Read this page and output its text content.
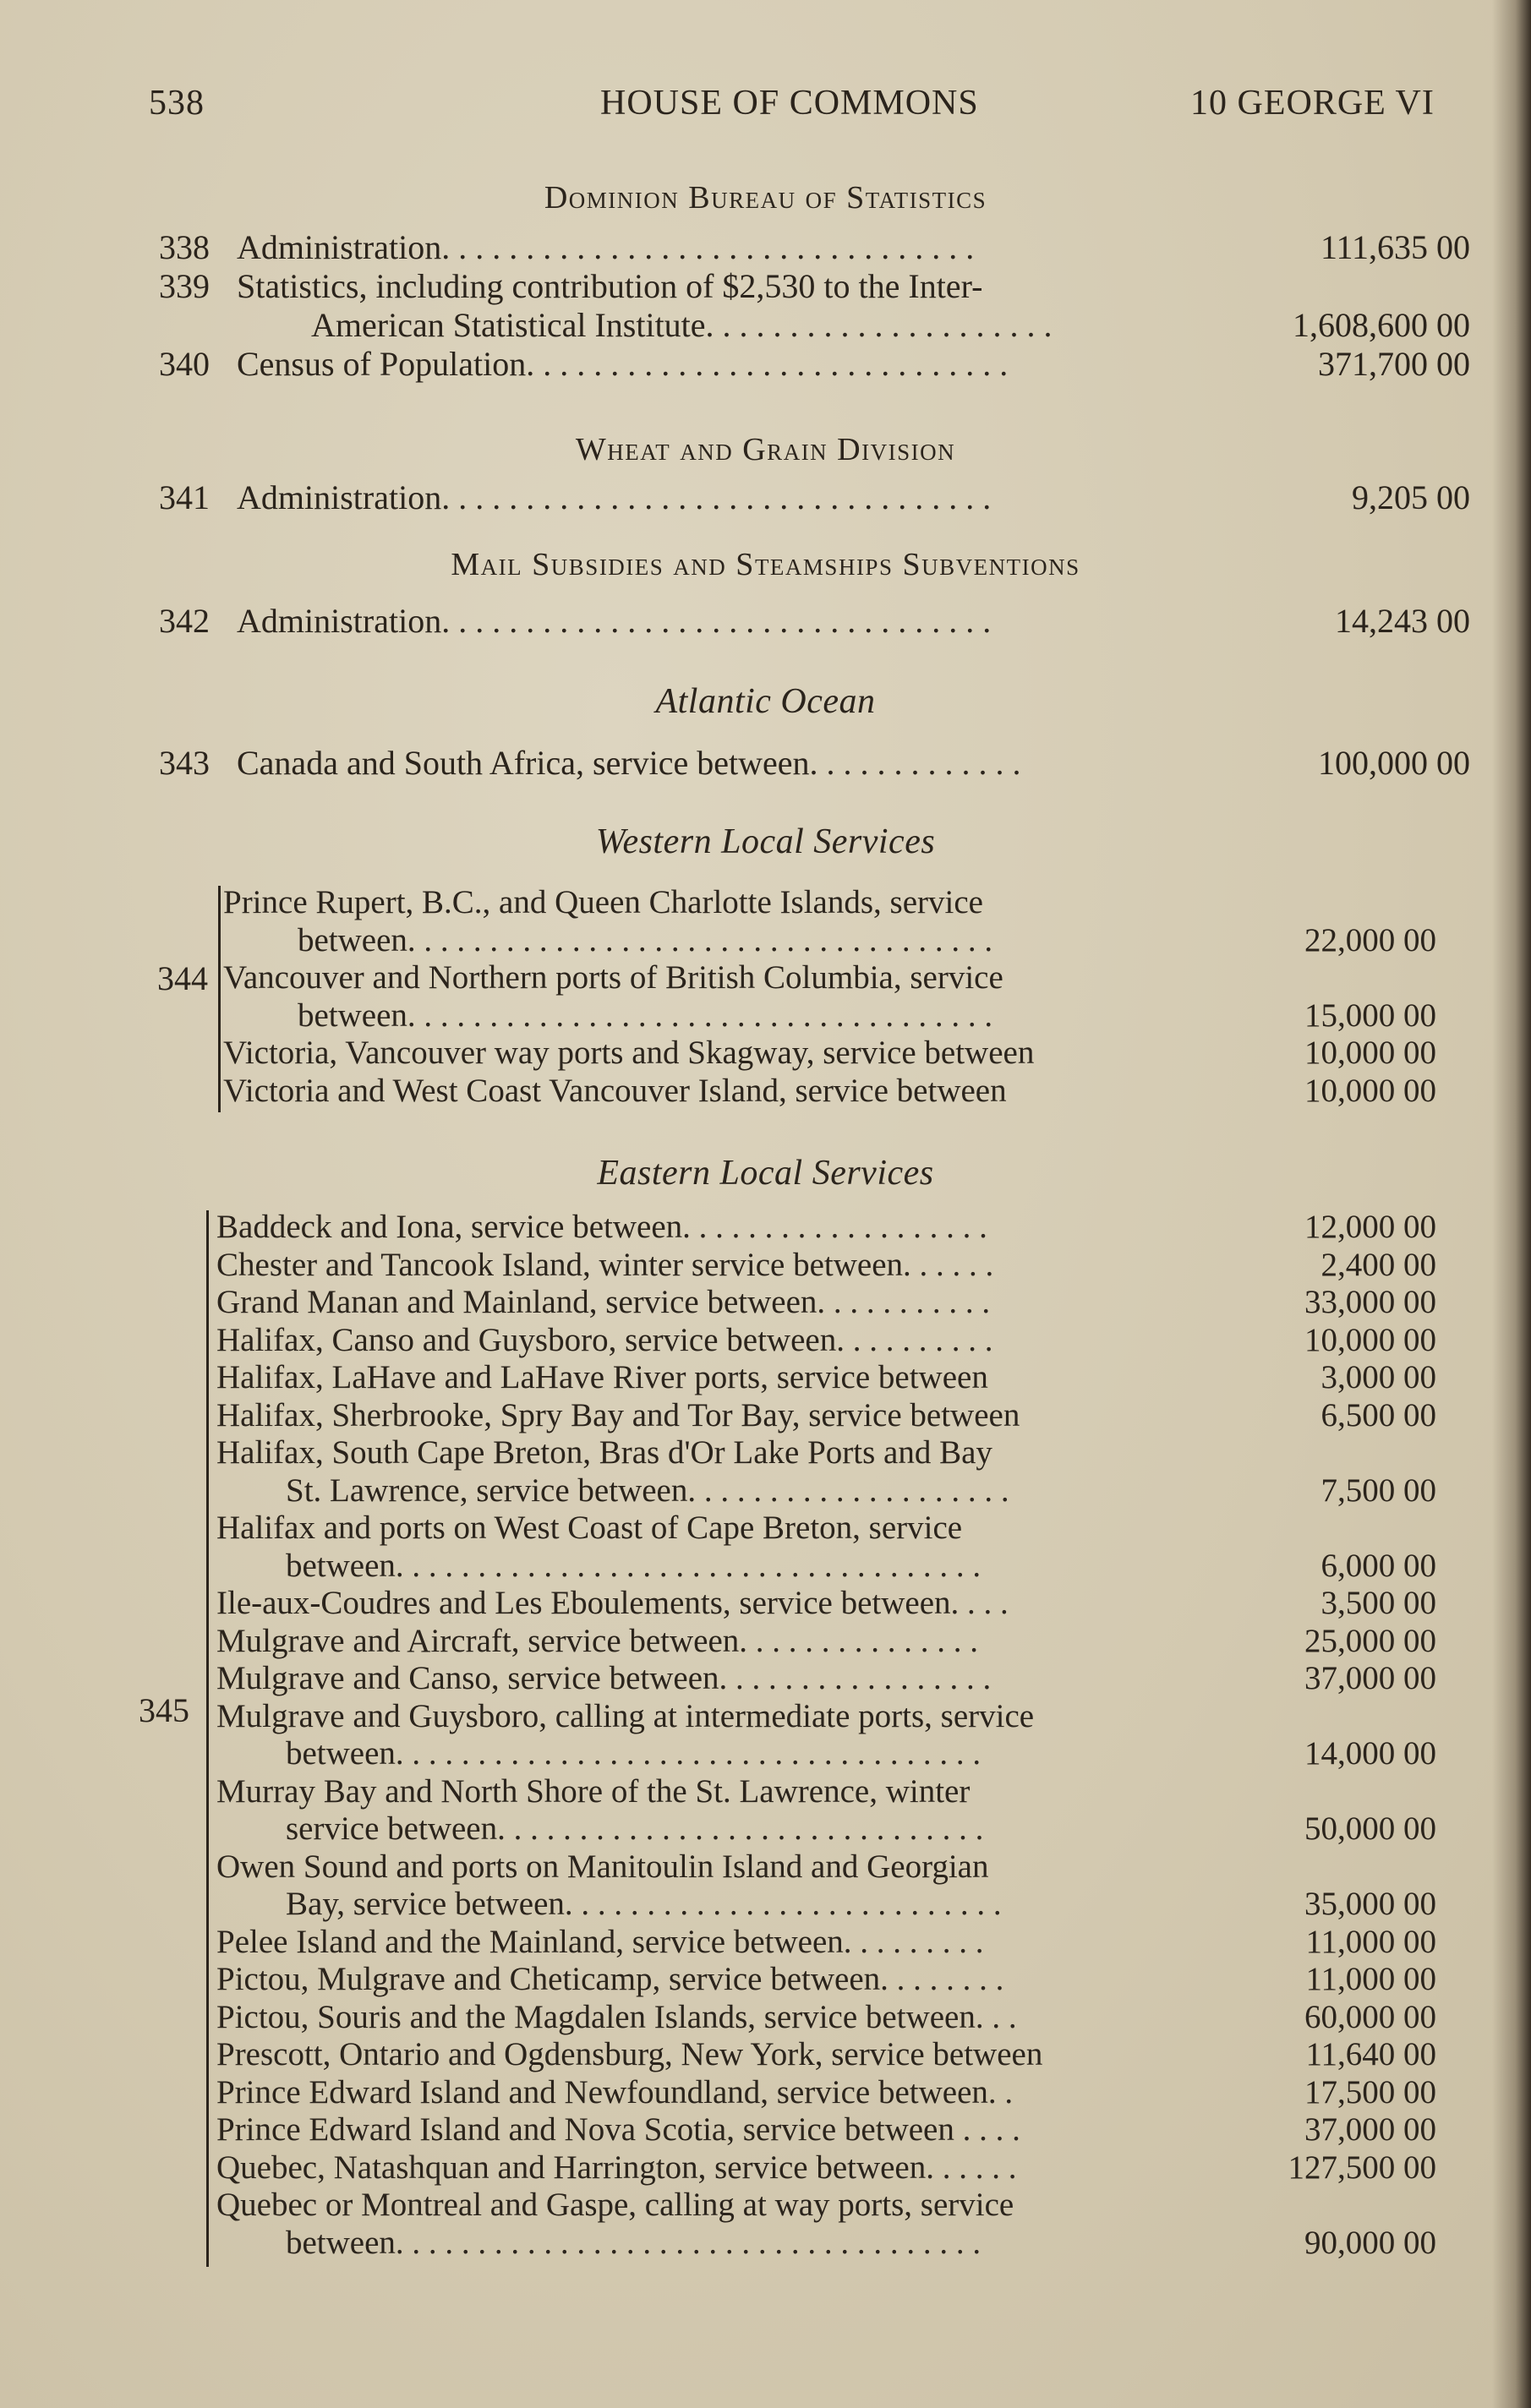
538	HOUSE OF COMMONS	10 GEORGE VI
Dominion Bureau of Statistics
338 Administration. . . . . . . . . . . . . . . . . . . . . . . . . . . . . . . .	111,635 00
339 Statistics, including contribution of $2,530 to the Inter-
American Statistical Institute. . . . . . . . . . . . . . . . . . . . .	1,608,600 00
340 Census of Population. . . . . . . . . . . . . . . . . . . . . . . . . . . . .	371,700 00
Wheat and Grain Division
341 Administration. . . . . . . . . . . . . . . . . . . . . . . . . . . . . . . . .	9,205 00
Mail Subsidies and Steamships Subventions
342 Administration. . . . . . . . . . . . . . . . . . . . . . . . . . . . . . . . .	14,243 00
Atlantic Ocean
343 Canada and South Africa, service between. . . . . . . . . . . . .	100,000 00
Western Local Services
344
Prince Rupert, B.C., and Queen Charlotte Islands, service
between. . . . . . . . . . . . . . . . . . . . . . . . . . . . . . . . . . . .	22,000 00
Vancouver and Northern ports of British Columbia, service
between. . . . . . . . . . . . . . . . . . . . . . . . . . . . . . . . . . . .	15,000 00
Victoria, Vancouver way ports and Skagway, service between	10,000 00
Victoria and West Coast Vancouver Island, service between	10,000 00
Eastern Local Services
345
Baddeck and Iona, service between. . . . . . . . . . . . . . . . . . .	12,000 00
Chester and Tancook Island, winter service between. . . . . .	2,400 00
Grand Manan and Mainland, service between. . . . . . . . . . .	33,000 00
Halifax, Canso and Guysboro, service between. . . . . . . . . .	10,000 00
Halifax, LaHave and LaHave River ports, service between	3,000 00
Halifax, Sherbrooke, Spry Bay and Tor Bay, service between	6,500 00
Halifax, South Cape Breton, Bras d'Or Lake Ports and Bay
St. Lawrence, service between. . . . . . . . . . . . . . . . . . . .	7,500 00
Halifax and ports on West Coast of Cape Breton, service
between. . . . . . . . . . . . . . . . . . . . . . . . . . . . . . . . . . . .	6,000 00
Ile-aux-Coudres and Les Eboulements, service between. . . .	3,500 00
Mulgrave and Aircraft, service between. . . . . . . . . . . . . . .	25,000 00
Mulgrave and Canso, service between. . . . . . . . . . . . . . . . .	37,000 00
Mulgrave and Guysboro, calling at intermediate ports, service
between. . . . . . . . . . . . . . . . . . . . . . . . . . . . . . . . . . . .	14,000 00
Murray Bay and North Shore of the St. Lawrence, winter
service between. . . . . . . . . . . . . . . . . . . . . . . . . . . . . .	50,000 00
Owen Sound and ports on Manitoulin Island and Georgian
Bay, service between. . . . . . . . . . . . . . . . . . . . . . . . . . .	35,000 00
Pelee Island and the Mainland, service between. . . . . . . . .	11,000 00
Pictou, Mulgrave and Cheticamp, service between. . . . . . . .	11,000 00
Pictou, Souris and the Magdalen Islands, service between. . .	60,000 00
Prescott, Ontario and Ogdensburg, New York, service between	11,640 00
Prince Edward Island and Newfoundland, service between. .	17,500 00
Prince Edward Island and Nova Scotia, service between . . . .	37,000 00
Quebec, Natashquan and Harrington, service between. . . . . .	127,500 00
Quebec or Montreal and Gaspe, calling at way ports, service
between. . . . . . . . . . . . . . . . . . . . . . . . . . . . . . . . . . . .	90,000 00
